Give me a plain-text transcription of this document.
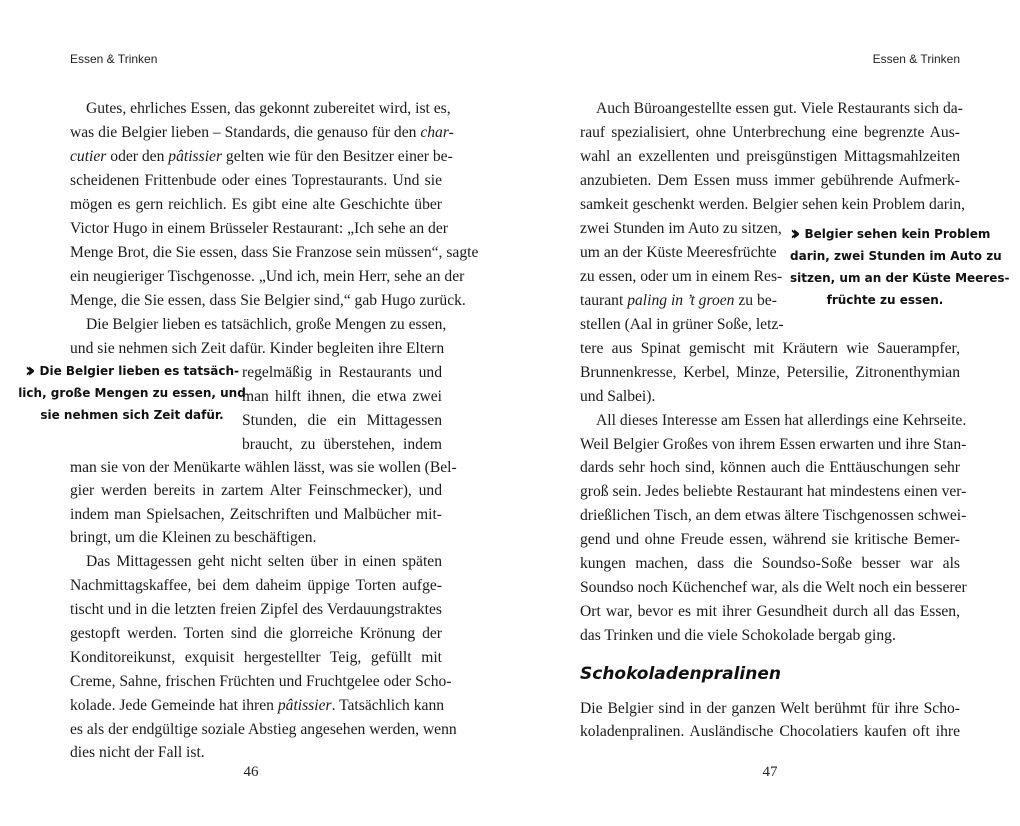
Essen & Trinken
Gutes, ehrliches Essen, das gekonnt zubereitet wird, ist es,
was die Belgier lieben – Standards, die genauso für den char-
cutier oder den pâtissier gelten wie für den Besitzer einer be-
scheidenen Frittenbude oder eines Toprestaurants. Und sie
mögen es gern reichlich. Es gibt eine alte Geschichte über
Victor Hugo in einem Brüsseler Restaurant: „Ich sehe an der
Menge Brot, die Sie essen, dass Sie Franzose sein müssen“, sagte
ein neugieriger Tischgenosse. „Und ich, mein Herr, sehe an der
Menge, die Sie essen, dass Sie Belgier sind,“ gab Hugo zurück.
Die Belgier lieben es tatsächlich, große Mengen zu essen,
und sie nehmen sich Zeit dafür. Kinder begleiten ihre Eltern
regelmäßig in Restaurants und
man hilft ihnen, die etwa zwei
Stunden, die ein Mittagessen
braucht, zu überstehen, indem
man sie von der Menükarte wählen lässt, was sie wollen (Bel-
gier werden bereits in zartem Alter Feinschmecker), und
indem man Spielsachen, Zeitschriften und Malbücher mit-
bringt, um die Kleinen zu beschäftigen.
Das Mittagessen geht nicht selten über in einen späten
Nachmittagskaffee, bei dem daheim üppige Torten aufge-
tischt und in die letzten freien Zipfel des Verdauungstraktes
gestopft werden. Torten sind die glorreiche Krönung der
Konditoreikunst, exquisit hergestellter Teig, gefüllt mit
Creme, Sahne, frischen Früchten und Fruchtgelee oder Scho-
kolade. Jede Gemeinde hat ihren pâtissier. Tatsächlich kann
es als der endgültige soziale Abstieg angesehen werden, wenn
dies nicht der Fall ist.
›› Die Belgier lieben es tatsäch-
lich, große Mengen zu essen, und
sie nehmen sich Zeit dafür.
46
Essen & Trinken
Auch Büroangestellte essen gut. Viele Restaurants sich da-
rauf spezialisiert, ohne Unterbrechung eine begrenzte Aus-
wahl an exzellenten und preisgünstigen Mittagsmahlzeiten
anzubieten. Dem Essen muss immer gebührende Aufmerk-
samkeit geschenkt werden. Belgier sehen kein Problem darin,
zwei Stunden im Auto zu sitzen,
um an der Küste Meeresfrüchte
zu essen, oder um in einem Res-
taurant paling in ’t groen zu be-
stellen (Aal in grüner Soße, letz-
tere aus Spinat gemischt mit Kräutern wie Sauerampfer,
Brunnenkresse, Kerbel, Minze, Petersilie, Zitronenthymian
und Salbei).
All dieses Interesse am Essen hat allerdings eine Kehrseite.
Weil Belgier Großes von ihrem Essen erwarten und ihre Stan-
dards sehr hoch sind, können auch die Enttäuschungen sehr
groß sein. Jedes beliebte Restaurant hat mindestens einen ver-
drießlichen Tisch, an dem etwas ältere Tischgenossen schwei-
gend und ohne Freude essen, während sie kritische Bemer-
kungen machen, dass die Soundso-Soße besser war als
Soundso noch Küchenchef war, als die Welt noch ein besserer
Ort war, bevor es mit ihrer Gesundheit durch all das Essen,
das Trinken und die viele Schokolade bergab ging.
Die Belgier sind in der ganzen Welt berühmt für ihre Scho-
koladenpralinen. Ausländische Chocolatiers kaufen oft ihre
Schokoladenpralinen
›› Belgier sehen kein Problem
darin, zwei Stunden im Auto zu
sitzen, um an der Küste Meeres-
früchte zu essen.
47
